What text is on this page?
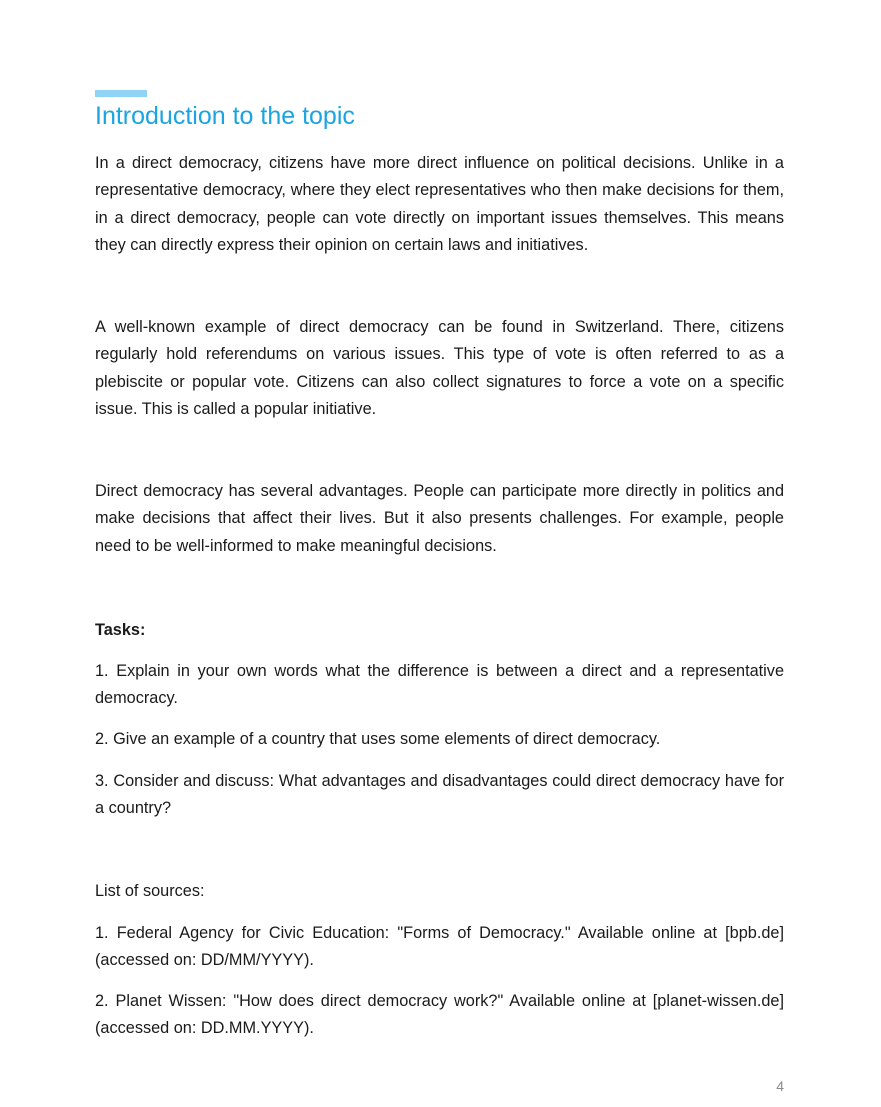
Introduction to the topic

In a direct democracy, citizens have more direct influence on political decisions. Unlike in a representative democracy, where they elect representatives who then make decisions for them, in a direct democracy, people can vote directly on important issues themselves. This means they can directly express their opinion on certain laws and initiatives.

A well-known example of direct democracy can be found in Switzerland. There, citizens regularly hold referendums on various issues. This type of vote is often referred to as a plebiscite or popular vote. Citizens can also collect signatures to force a vote on a specific issue. This is called a popular initiative.

Direct democracy has several advantages. People can participate more directly in politics and make decisions that affect their lives. But it also presents challenges. For example, people need to be well-informed to make meaningful decisions.

Tasks:

1. Explain in your own words what the difference is between a direct and a representative democracy.

2. Give an example of a country that uses some elements of direct democracy.

3. Consider and discuss: What advantages and disadvantages could direct democracy have for a country?

List of sources:

1. Federal Agency for Civic Education: "Forms of Democracy." Available online at [bpb.de] (accessed on: DD/MM/YYYY).

2. Planet Wissen: "How does direct democracy work?" Available online at [planet-wissen.de] (accessed on: DD.MM.YYYY).

4
